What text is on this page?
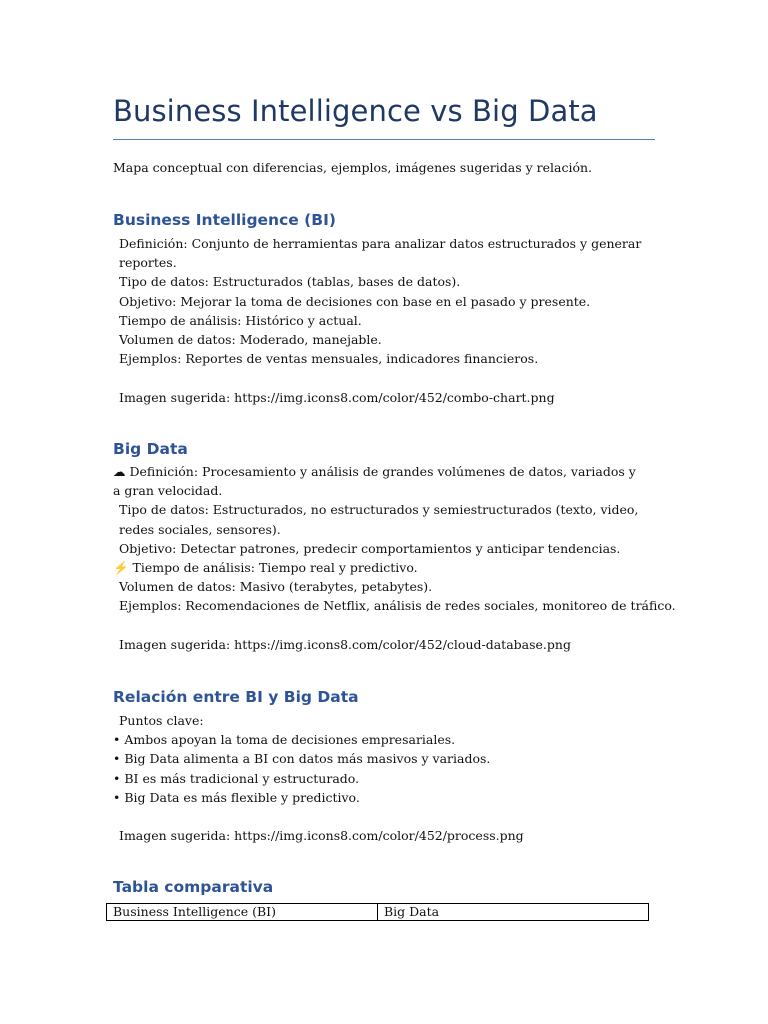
Business Intelligence vs Big Data
Mapa conceptual con diferencias, ejemplos, imágenes sugeridas y relación.
Business Intelligence (BI)
Definición: Conjunto de herramientas para analizar datos estructurados y generar reportes.
Tipo de datos: Estructurados (tablas, bases de datos).
Objetivo: Mejorar la toma de decisiones con base en el pasado y presente.
Tiempo de análisis: Histórico y actual.
Volumen de datos: Moderado, manejable.
Ejemplos: Reportes de ventas mensuales, indicadores financieros.
Imagen sugerida: https://img.icons8.com/color/452/combo-chart.png
Big Data
☁ Definición: Procesamiento y análisis de grandes volúmenes de datos, variados y a gran velocidad.
Tipo de datos: Estructurados, no estructurados y semiestructurados (texto, video, redes sociales, sensores).
Objetivo: Detectar patrones, predecir comportamientos y anticipar tendencias.
⚡ Tiempo de análisis: Tiempo real y predictivo.
Volumen de datos: Masivo (terabytes, petabytes).
Ejemplos: Recomendaciones de Netflix, análisis de redes sociales, monitoreo de tráfico.
Imagen sugerida: https://img.icons8.com/color/452/cloud-database.png
Relación entre BI y Big Data
Puntos clave:
• Ambos apoyan la toma de decisiones empresariales.
• Big Data alimenta a BI con datos más masivos y variados.
• BI es más tradicional y estructurado.
• Big Data es más flexible y predictivo.
Imagen sugerida: https://img.icons8.com/color/452/process.png
Tabla comparativa
Business Intelligence (BI)	Big Data
